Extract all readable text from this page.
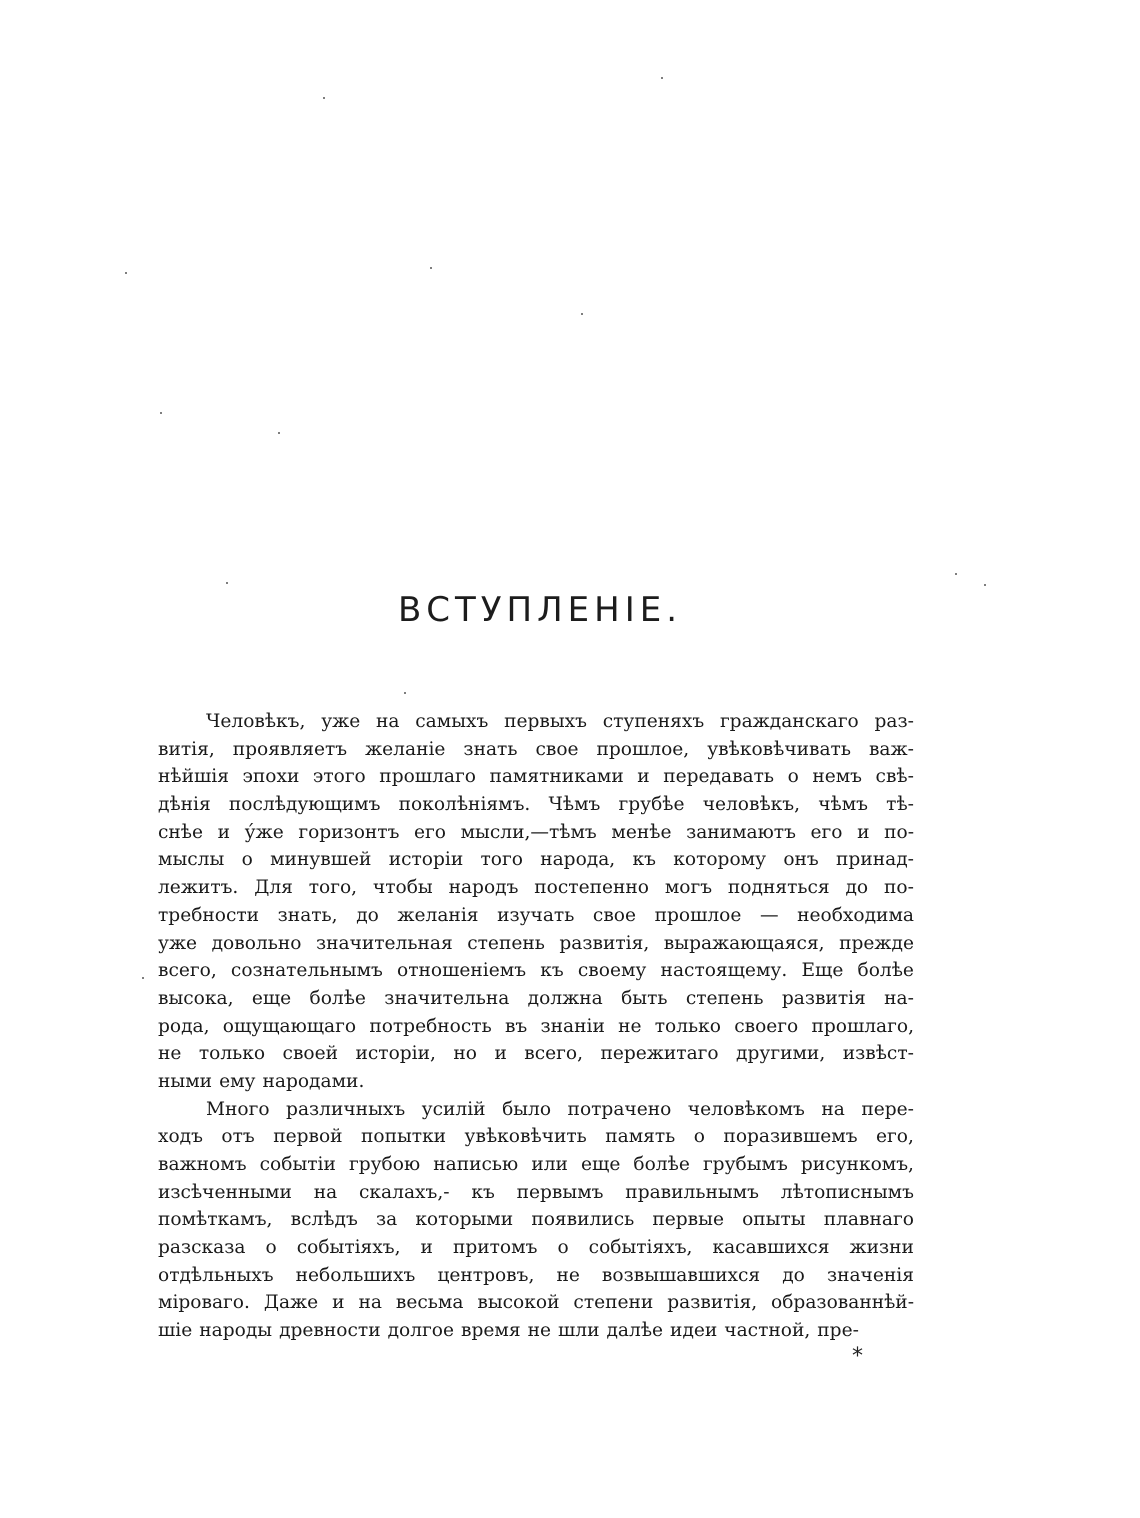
ВСТУПЛЕНІЕ.
Человѣкъ, уже на самыхъ первыхъ ступеняхъ гражданскаго раз-
витія, проявляетъ желаніе знать свое прошлое, увѣковѣчивать важ-
нѣйшія эпохи этого прошлаго памятниками и передавать о немъ свѣ-
дѣнія послѣдующимъ поколѣніямъ. Чѣмъ грубѣе человѣкъ, чѣмъ тѣ-
снѣе и у́же горизонтъ его мысли,—тѣмъ менѣе занимаютъ его и по-
мыслы о минувшей исторіи того народа, къ которому онъ принад-
лежитъ. Для того, чтобы народъ постепенно могъ подняться до по-
требности знать, до желанія изучать свое прошлое — необходима
уже довольно значительная степень развитія, выражающаяся, прежде
всего, сознательнымъ отношеніемъ къ своему настоящему. Еще болѣе
высока, еще болѣе значительна должна быть степень развитія на-
рода, ощущающаго потребность въ знаніи не только своего прошлаго,
не только своей исторіи, но и всего, пережитаго другими, извѣст-
ными ему народами.
Много различныхъ усилій было потрачено человѣкомъ на пере-
ходъ отъ первой попытки увѣковѣчить память о поразившемъ его,
важномъ событіи грубою написью или еще болѣе грубымъ рисункомъ,
изсѣченными на скалахъ,- къ первымъ правильнымъ лѣтописнымъ
помѣткамъ, вслѣдъ за которыми появились первые опыты плавнаго
разсказа о событіяхъ, и притомъ о событіяхъ, касавшихся жизни
отдѣльныхъ небольшихъ центровъ, не возвышавшихся до значенія
міроваго. Даже и на весьма высокой степени развитія, образованнѣй-
шіе народы древности долгое время не шли далѣе идеи частной, пре-
*
